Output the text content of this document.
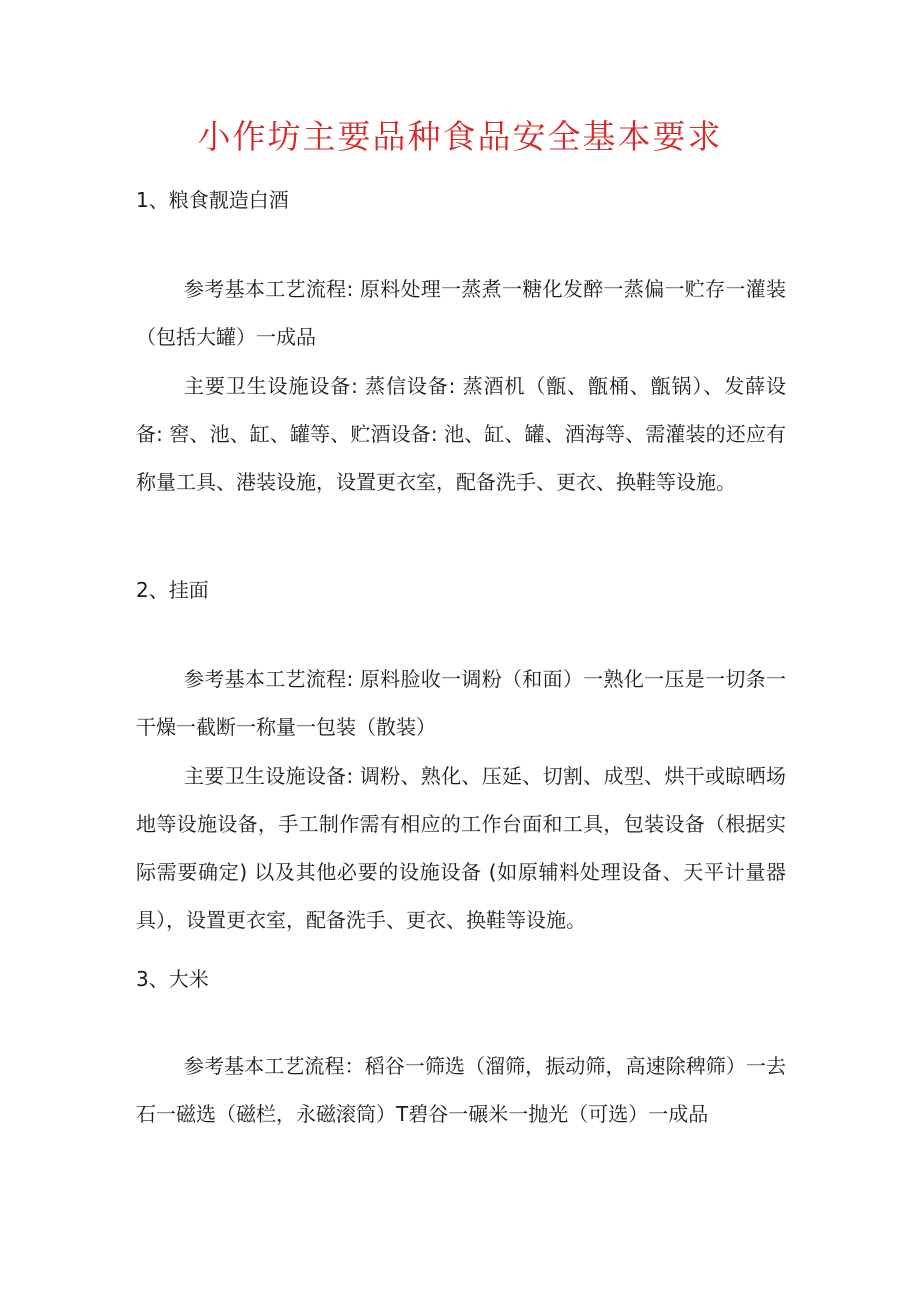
小作坊主要品种食品安全基本要求
1、粮食靓造白酒

参考基本工艺流程: 原料处理一蒸煮一糖化发醉一蒸偏一贮存一灌装（包括大罐）一成品

主要卫生设施设备: 蒸信设备: 蒸酒机（甑、甑桶、甑锅）、发薛设备: 窖、池、缸、罐等、贮酒设备: 池、缸、罐、酒海等、需灌装的还应有称量工具、港装设施，设置更衣室，配备洗手、更衣、换鞋等设施。

2、挂面

参考基本工艺流程: 原料脸收一调粉（和面）一熟化一压是一切条一干燥一截断一称量一包装（散装）

主要卫生设施设备: 调粉、熟化、压延、切割、成型、烘干或晾晒场地等设施设备，手工制作需有相应的工作台面和工具，包装设备（根据实际需要确定) 以及其他必要的设施设备 (如原辅料处理设备、天平计量器具），设置更衣室，配备洗手、更衣、换鞋等设施。

3、大米

参考基本工艺流程：稻谷一筛选（溜筛，振动筛，高速除稗筛）一去石一磁选（磁栏，永磁滚筒）T碧谷一碾米一抛光（可选）一成品
